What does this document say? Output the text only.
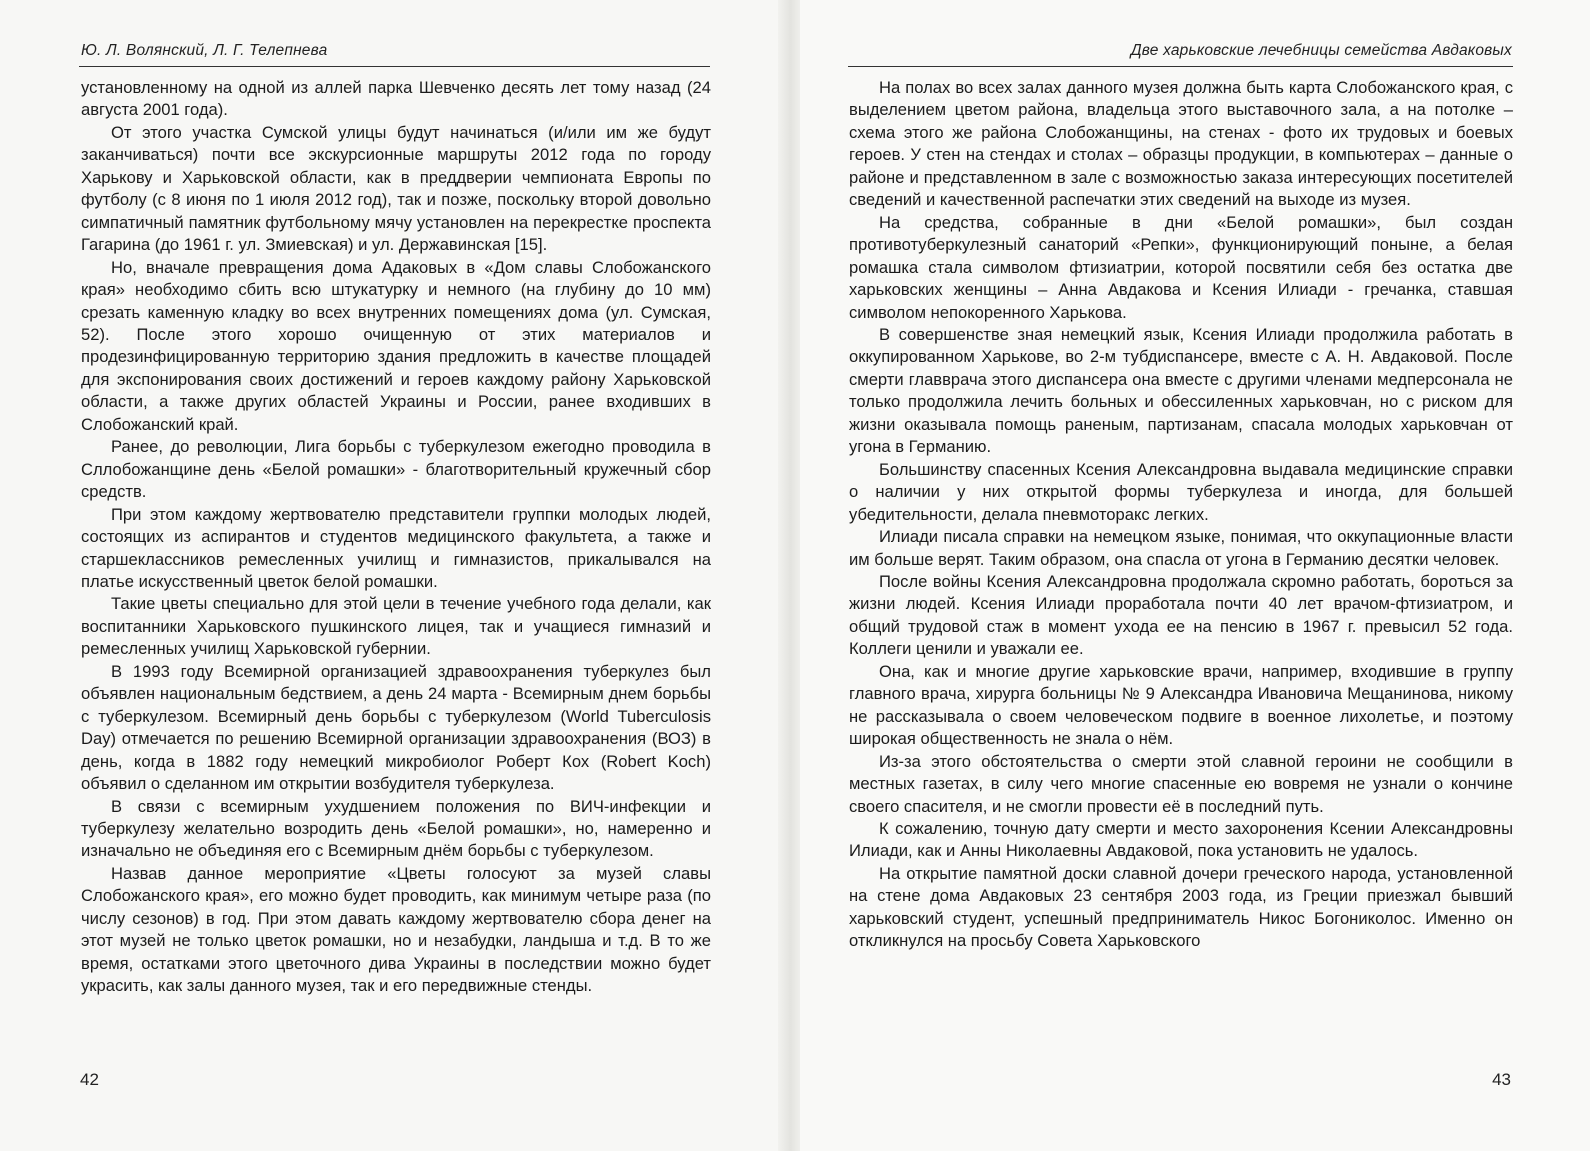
Ю. Л. Волянский, Л. Г. Телепнева

установленному на одной из аллей парка Шевченко десять лет тому назад (24 августа 2001 года).

От этого участка Сумской улицы будут начинаться (и/или им же будут заканчиваться) почти все экскурсионные маршруты 2012 года по городу Харькову и Харьковской области, как в преддверии чемпионата Европы по футболу (с 8 июня по 1 июля 2012 год), так и позже, поскольку второй довольно симпатичный памятник футбольному мячу установлен на перекрестке проспекта Гагарина (до 1961 г. ул. Змиевская) и ул. Державинская [15].

Но, вначале превращения дома Адаковых в «Дом славы Слобожанского края» необходимо сбить всю штукатурку и немного (на глубину до 10 мм) срезать каменную кладку во всех внутренних помещениях дома (ул. Сумская, 52). После этого хорошо очищенную от этих материалов и продезинфицированную территорию здания предложить в качестве площадей для экспонирования своих достижений и героев каждому району Харьковской области, а также других областей Украины и России, ранее входивших в Слобожанский край.

Ранее, до революции, Лига борьбы с туберкулезом ежегодно проводила в Сллобожанщине день «Белой ромашки» - благотворительный кружечный сбор средств.

При этом каждому жертвователю представители группки молодых людей, состоящих из аспирантов и студентов медицинского факультета, а также и старшеклассников ремесленных училищ и гимназистов, прикалывался на платье искусственный цветок белой ромашки.

Такие цветы специально для этой цели в течение учебного года делали, как воспитанники Харьковского пушкинского лицея, так и учащиеся гимназий и ремесленных училищ Харьковской губернии.

В 1993 году Всемирной организацией здравоохранения туберкулез был объявлен национальным бедствием, а день 24 марта - Всемирным днем борьбы с туберкулезом. Всемирный день борьбы с туберкулезом (World Tuberculosis Day) отмечается по решению Всемирной организации здравоохранения (ВОЗ) в день, когда в 1882 году немецкий микробиолог Роберт Кох (Robert Koch) объявил о сделанном им открытии возбудителя туберкулеза.

В связи с всемирным ухудшением положения по ВИЧ-инфекции и туберкулезу желательно возродить день «Белой ромашки», но, намеренно и изначально не объединяя его с Всемирным днём борьбы с туберкулезом.

Назвав данное мероприятие «Цветы голосуют за музей славы Слобожанского края», его можно будет проводить, как минимум четыре раза (по числу сезонов) в год. При этом давать каждому жертвователю сбора денег на этот музей не только цветок ромашки, но и незабудки, ландыша и т.д. В то же время, остатками этого цветочного дива Украины в последствии можно будет украсить, как залы данного музея, так и его передвижные стенды.

42
Две харьковские лечебницы семейства Авдаковых

На полах во всех залах данного музея должна быть карта Слобожанского края, с выделением цветом района, владельца этого выставочного зала, а на потолке – схема этого же района Слобожанщины, на стенах - фото их трудовых и боевых героев. У стен на стендах и столах – образцы продукции, в компьютерах – данные о районе и представленном в зале с возможностью заказа интересующих посетителей сведений и качественной распечатки этих сведений на выходе из музея.

На средства, собранные в дни «Белой ромашки», был создан противотуберкулезный санаторий «Репки», функционирующий поныне, а белая ромашка стала символом фтизиатрии, которой посвятили себя без остатка две харьковских женщины – Анна Авдакова и Ксения Илиади - гречанка, ставшая символом непокоренного Харькова.

В совершенстве зная немецкий язык, Ксения Илиади продолжила работать в оккупированном Харькове, во 2-м тубдиспансере, вместе с А. Н. Авдаковой. После смерти главврача этого диспансера она вместе с другими членами медперсонала не только продолжила лечить больных и обессиленных харьковчан, но с риском для жизни оказывала помощь раненым, партизанам, спасала молодых харьковчан от угона в Германию.

Большинству спасенных Ксения Александровна выдавала медицинские справки о наличии у них открытой формы туберкулеза и иногда, для большей убедительности, делала пневмоторакс легких.

Илиади писала справки на немецком языке, понимая, что оккупационные власти им больше верят. Таким образом, она спасла от угона в Германию десятки человек.

После войны Ксения Александровна продолжала скромно работать, бороться за жизни людей. Ксения Илиади проработала почти 40 лет врачом-фтизиатром, и общий трудовой стаж в момент ухода ее на пенсию в 1967 г. превысил 52 года. Коллеги ценили и уважали ее.

Она, как и многие другие харьковские врачи, например, входившие в группу главного врача, хирурга больницы № 9 Александра Ивановича Мещанинова, никому не рассказывала о своем человеческом подвиге в военное лихолетье, и поэтому широкая общественность не знала о нём.

Из-за этого обстоятельства о смерти этой славной героини не сообщили в местных газетах, в силу чего многие спасенные ею вовремя не узнали о кончине своего спасителя, и не смогли провести её в последний путь.

К сожалению, точную дату смерти и место захоронения Ксении Александровны Илиади, как и Анны Николаевны Авдаковой, пока установить не удалось.

На открытие памятной доски славной дочери греческого народа, установленной на стене дома Авдаковых 23 сентября 2003 года, из Греции приезжал бывший харьковский студент, успешный предприниматель Никос Богониколос. Именно он откликнулся на просьбу Совета Харьковского

43
